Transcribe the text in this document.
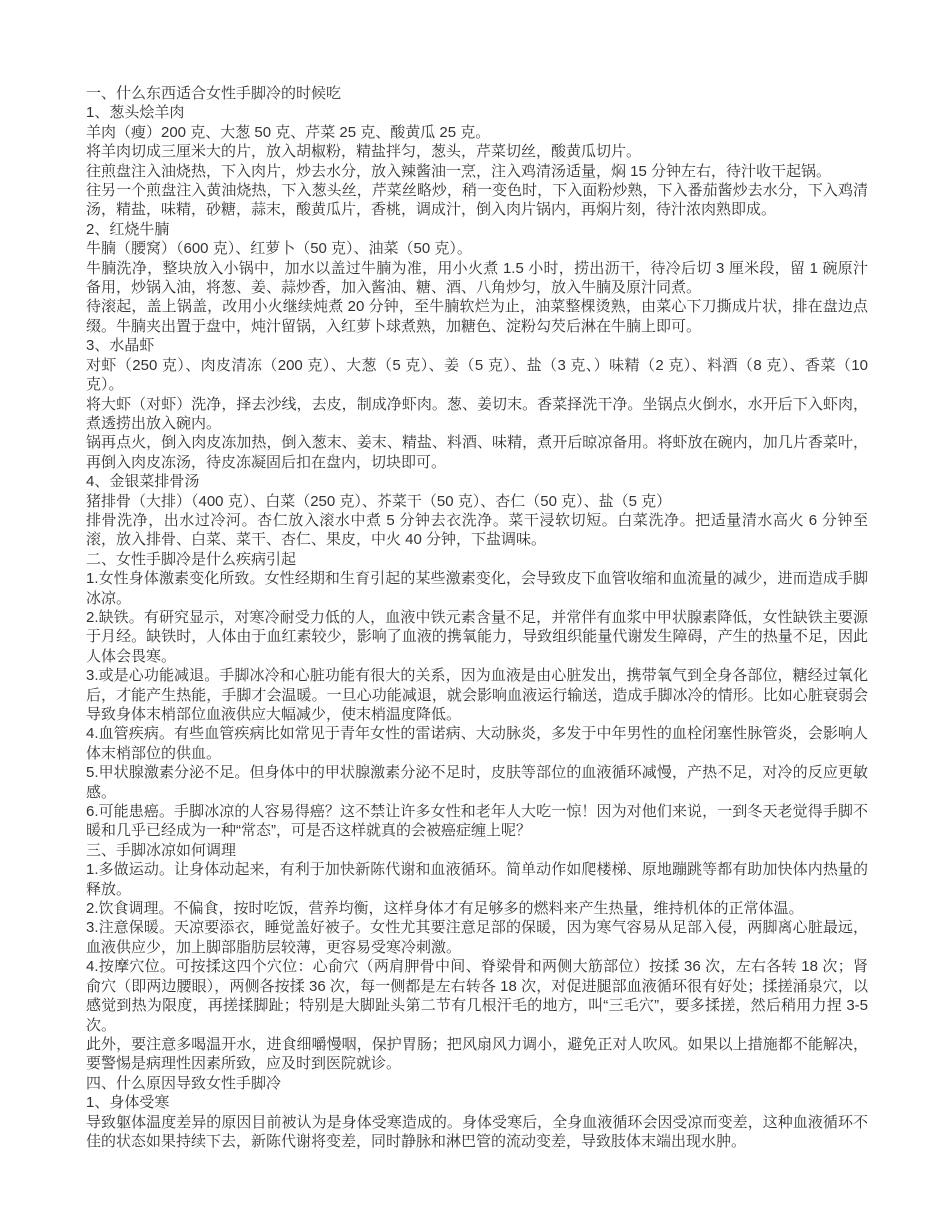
一、什么东西适合女性手脚冷的时候吃

1、葱头烩羊肉

羊肉（瘦）200 克、大葱 50 克、芹菜 25 克、酸黄瓜 25 克。

将羊肉切成三厘米大的片，放入胡椒粉，精盐拌匀，葱头，芹菜切丝，酸黄瓜切片。

往煎盘注入油烧热，下入肉片，炒去水分，放入辣酱油一烹，注入鸡清汤适量，焖 15 分钟左右，待汁收干起锅。

往另一个煎盘注入黄油烧热，下入葱头丝，芹菜丝略炒，稍一变色时，下入面粉炒熟，下入番茄酱炒去水分，下入鸡清汤，精盐，味精，砂糖，蒜末，酸黄瓜片，香桃，调成汁，倒入肉片锅内，再焖片刻，待汁浓肉熟即成。

2、红烧牛腩

牛腩（腰窝）（600 克）、红萝卜（50 克）、油菜（50 克）。

牛腩洗净，整块放入小锅中，加水以盖过牛腩为准，用小火煮 1.5 小时，捞出沥干，待冷后切 3 厘米段，留 1 碗原汁备用，炒锅入油，将葱、姜、蒜炒香，加入酱油、糖、酒、八角炒匀，放入牛腩及原汁同煮。

待滚起，盖上锅盖，改用小火继续炖煮 20 分钟，至牛腩软烂为止，油菜整棵烫熟，由菜心下刀撕成片状，排在盘边点缀。牛腩夹出置于盘中，炖汁留锅，入红萝卜球煮熟，加糖色、淀粉勾芡后淋在牛腩上即可。

3、水晶虾

对虾（250 克）、肉皮清冻（200 克）、大葱（5 克）、姜（5 克）、盐（3 克、）味精（2 克）、料酒（8 克）、香菜（10 克）。

将大虾（对虾）洗净，择去沙线，去皮，制成净虾肉。葱、姜切末。香菜择洗干净。坐锅点火倒水，水开后下入虾肉，煮透捞出放入碗内。

锅再点火，倒入肉皮冻加热，倒入葱末、姜末、精盐、料酒、味精，煮开后晾凉备用。将虾放在碗内，加几片香菜叶，再倒入肉皮冻汤，待皮冻凝固后扣在盘内，切块即可。

4、金银菜排骨汤

猪排骨（大排）（400 克）、白菜（250 克）、芥菜干（50 克）、杏仁（50 克）、盐（5 克）

排骨洗净，出水过冷河。杏仁放入滚水中煮 5 分钟去衣洗净。菜干浸软切短。白菜洗净。把适量清水高火 6 分钟至滚，放入排骨、白菜、菜干、杏仁、果皮，中火 40 分钟，下盐调味。

二、女性手脚冷是什么疾病引起

1.女性身体激素变化所致。女性经期和生育引起的某些激素变化，会导致皮下血管收缩和血流量的减少，进而造成手脚冰凉。

2.缺铁。有研究显示，对寒冷耐受力低的人，血液中铁元素含量不足，并常伴有血浆中甲状腺素降低，女性缺铁主要源于月经。缺铁时，人体由于血红素较少，影响了血液的携氧能力，导致组织能量代谢发生障碍，产生的热量不足，因此人体会畏寒。

3.或是心功能减退。手脚冰冷和心脏功能有很大的关系，因为血液是由心脏发出，携带氧气到全身各部位，糖经过氧化后，才能产生热能，手脚才会温暖。一旦心功能减退，就会影响血液运行输送，造成手脚冰冷的情形。比如心脏衰弱会导致身体末梢部位血液供应大幅减少，使末梢温度降低。

4.血管疾病。有些血管疾病比如常见于青年女性的雷诺病、大动脉炎，多发于中年男性的血栓闭塞性脉管炎，会影响人体末梢部位的供血。

5.甲状腺激素分泌不足。但身体中的甲状腺激素分泌不足时，皮肤等部位的血液循环减慢，产热不足，对冷的反应更敏感。

6.可能患癌。手脚冰凉的人容易得癌？这不禁让许多女性和老年人大吃一惊！因为对他们来说，一到冬天老觉得手脚不暖和几乎已经成为一种“常态”，可是否这样就真的会被癌症缠上呢？

三、手脚冰凉如何调理

1.多做运动。让身体动起来，有利于加快新陈代谢和血液循环。简单动作如爬楼梯、原地蹦跳等都有助加快体内热量的释放。

2.饮食调理。不偏食，按时吃饭，营养均衡，这样身体才有足够多的燃料来产生热量，维持机体的正常体温。

3.注意保暖。天凉要添衣，睡觉盖好被子。女性尤其要注意足部的保暖，因为寒气容易从足部入侵，两脚离心脏最远，血液供应少，加上脚部脂肪层较薄，更容易受寒冷刺激。

4.按摩穴位。可按揉这四个穴位：心俞穴（两肩胛骨中间、脊梁骨和两侧大筋部位）按揉 36 次，左右各转 18 次；肾俞穴（即两边腰眼），两侧各按揉 36 次，每一侧都是左右转各 18 次，对促进腿部血液循环很有好处；揉搓涌泉穴，以感觉到热为限度，再搓揉脚趾；特别是大脚趾头第二节有几根汗毛的地方，叫“三毛穴”，要多揉搓，然后稍用力捏 3-5 次。

此外，要注意多喝温开水，进食细嚼慢咽，保护胃肠；把风扇风力调小，避免正对人吹风。如果以上措施都不能解决，要警惕是病理性因素所致，应及时到医院就诊。

四、什么原因导致女性手脚冷

1、身体受寒

导致躯体温度差异的原因目前被认为是身体受寒造成的。身体受寒后，全身血液循环会因受凉而变差，这种血液循环不佳的状态如果持续下去，新陈代谢将变差，同时静脉和淋巴管的流动变差，导致肢体末端出现水肿。
